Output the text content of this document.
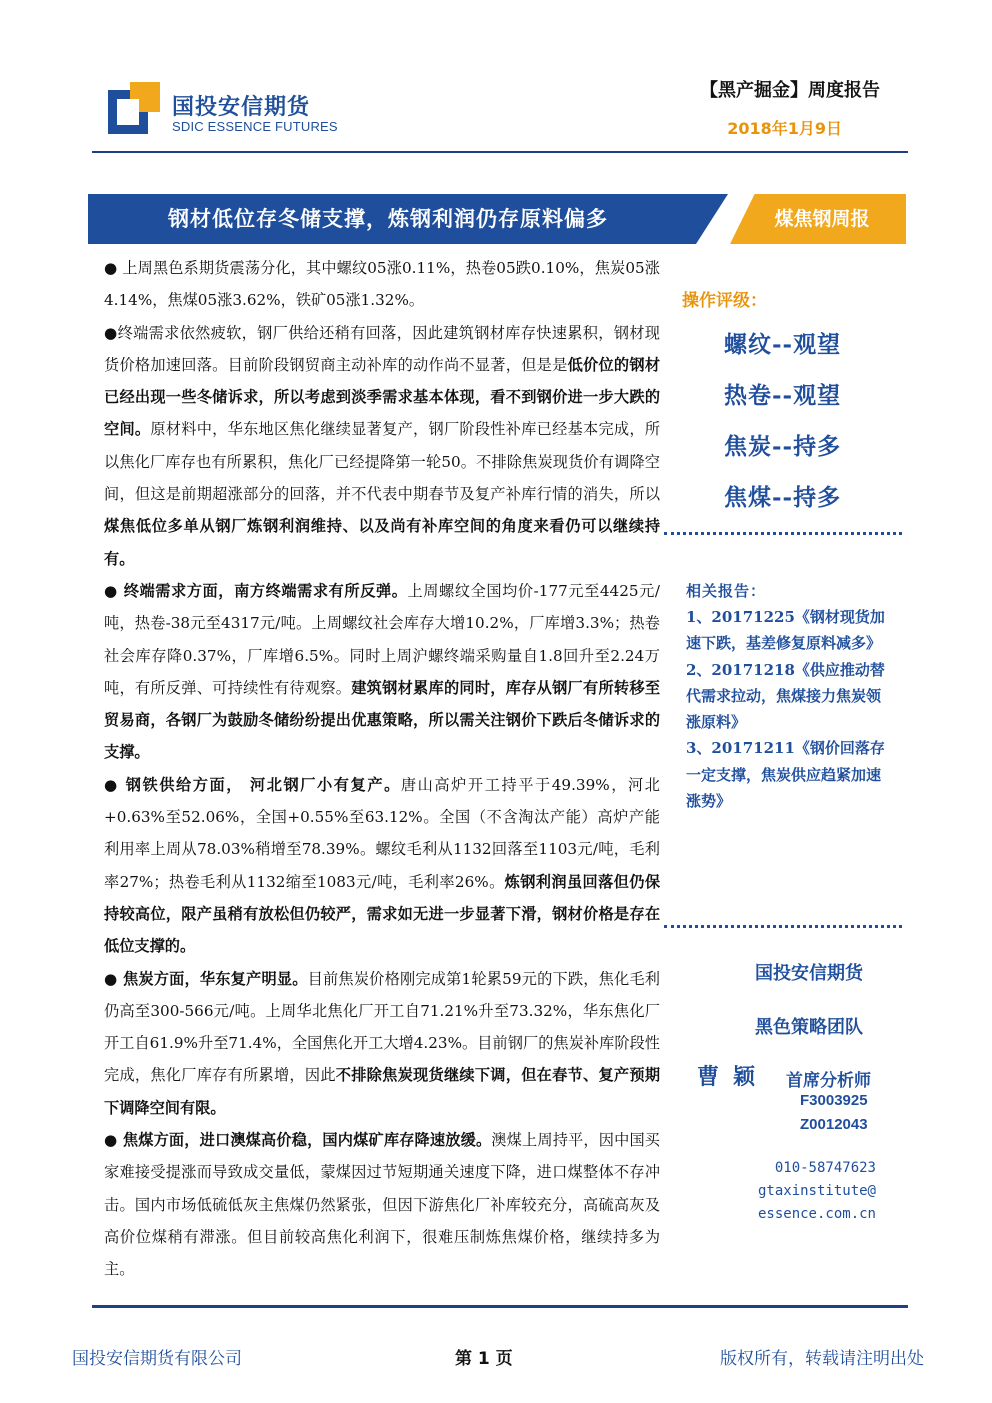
国投安信期货
SDIC ESSENCE FUTURES
【黑产掘金】周度报告
2018年1月9日
钢材低位存冬储支撑，炼钢利润仍存原料偏多	煤焦钢周报

● 上周黑色系期货震荡分化，其中螺纹05涨0.11%，热卷05跌0.10%，焦炭05涨4.14%，焦煤05涨3.62%，铁矿05涨1.32%。

●终端需求依然疲软，钢厂供给还稍有回落，因此建筑钢材库存快速累积，钢材现货价格加速回落。目前阶段钢贸商主动补库的动作尚不显著，但是是低价位的钢材已经出现一些冬储诉求，所以考虑到淡季需求基本体现，看不到钢价进一步大跌的空间。原材料中，华东地区焦化继续显著复产，钢厂阶段性补库已经基本完成，所以焦化厂库存也有所累积，焦化厂已经提降第一轮50。不排除焦炭现货价有调降空间，但这是前期超涨部分的回落，并不代表中期春节及复产补库行情的消失，所以煤焦低位多单从钢厂炼钢利润维持、以及尚有补库空间的角度来看仍可以继续持有。

● 终端需求方面，南方终端需求有所反弹。上周螺纹全国均价-177元至4425元/吨，热卷-38元至4317元/吨。上周螺纹社会库存大增10.2%，厂库增3.3%；热卷社会库存降0.37%，厂库增6.5%。同时上周沪螺终端采购量自1.8回升至2.24万吨，有所反弹、可持续性有待观察。建筑钢材累库的同时，库存从钢厂有所转移至贸易商，各钢厂为鼓励冬储纷纷提出优惠策略，所以需关注钢价下跌后冬储诉求的支撑。

● 钢铁供给方面， 河北钢厂小有复产。唐山高炉开工持平于49.39%，河北+0.63%至52.06%，全国+0.55%至63.12%。全国（不含淘汰产能）高炉产能利用率上周从78.03%稍增至78.39%。螺纹毛利从1132回落至1103元/吨，毛利率27%；热卷毛利从1132缩至1083元/吨，毛利率26%。炼钢利润虽回落但仍保持较高位，限产虽稍有放松但仍较严，需求如无进一步显著下滑，钢材价格是存在低位支撑的。

● 焦炭方面，华东复产明显。目前焦炭价格刚完成第1轮累59元的下跌，焦化毛利仍高至300-566元/吨。上周华北焦化厂开工自71.21%升至73.32%，华东焦化厂开工自61.9%升至71.4%，全国焦化开工大增4.23%。目前钢厂的焦炭补库阶段性完成，焦化厂库存有所累增，因此不排除焦炭现货继续下调，但在春节、复产预期下调降空间有限。

● 焦煤方面，进口澳煤高价稳，国内煤矿库存降速放缓。澳煤上周持平，因中国买家难接受提涨而导致成交量低，蒙煤因过节短期通关速度下降，进口煤整体不存冲击。国内市场低硫低灰主焦煤仍然紧张，但因下游焦化厂补库较充分，高硫高灰及高价位煤稍有滞涨。但目前较高焦化利润下，很难压制炼焦煤价格，继续持多为主。

操作评级：
螺纹--观望
热卷--观望
焦炭--持多
焦煤--持多
相关报告：
1、20171225《钢材现货加速下跌，基差修复原料减多》
2、20171218《供应推动替代需求拉动，焦煤接力焦炭领涨原料》
3、20171211《钢价回落存一定支撑，焦炭供应趋紧加速涨势》
国投安信期货
黑色策略团队
曹颖 首席分析师
F3003925
Z0012043
010-58747623
gtaxinstitute@
essence.com.cn
国投安信期货有限公司	第 1 页	版权所有，转载请注明出处
